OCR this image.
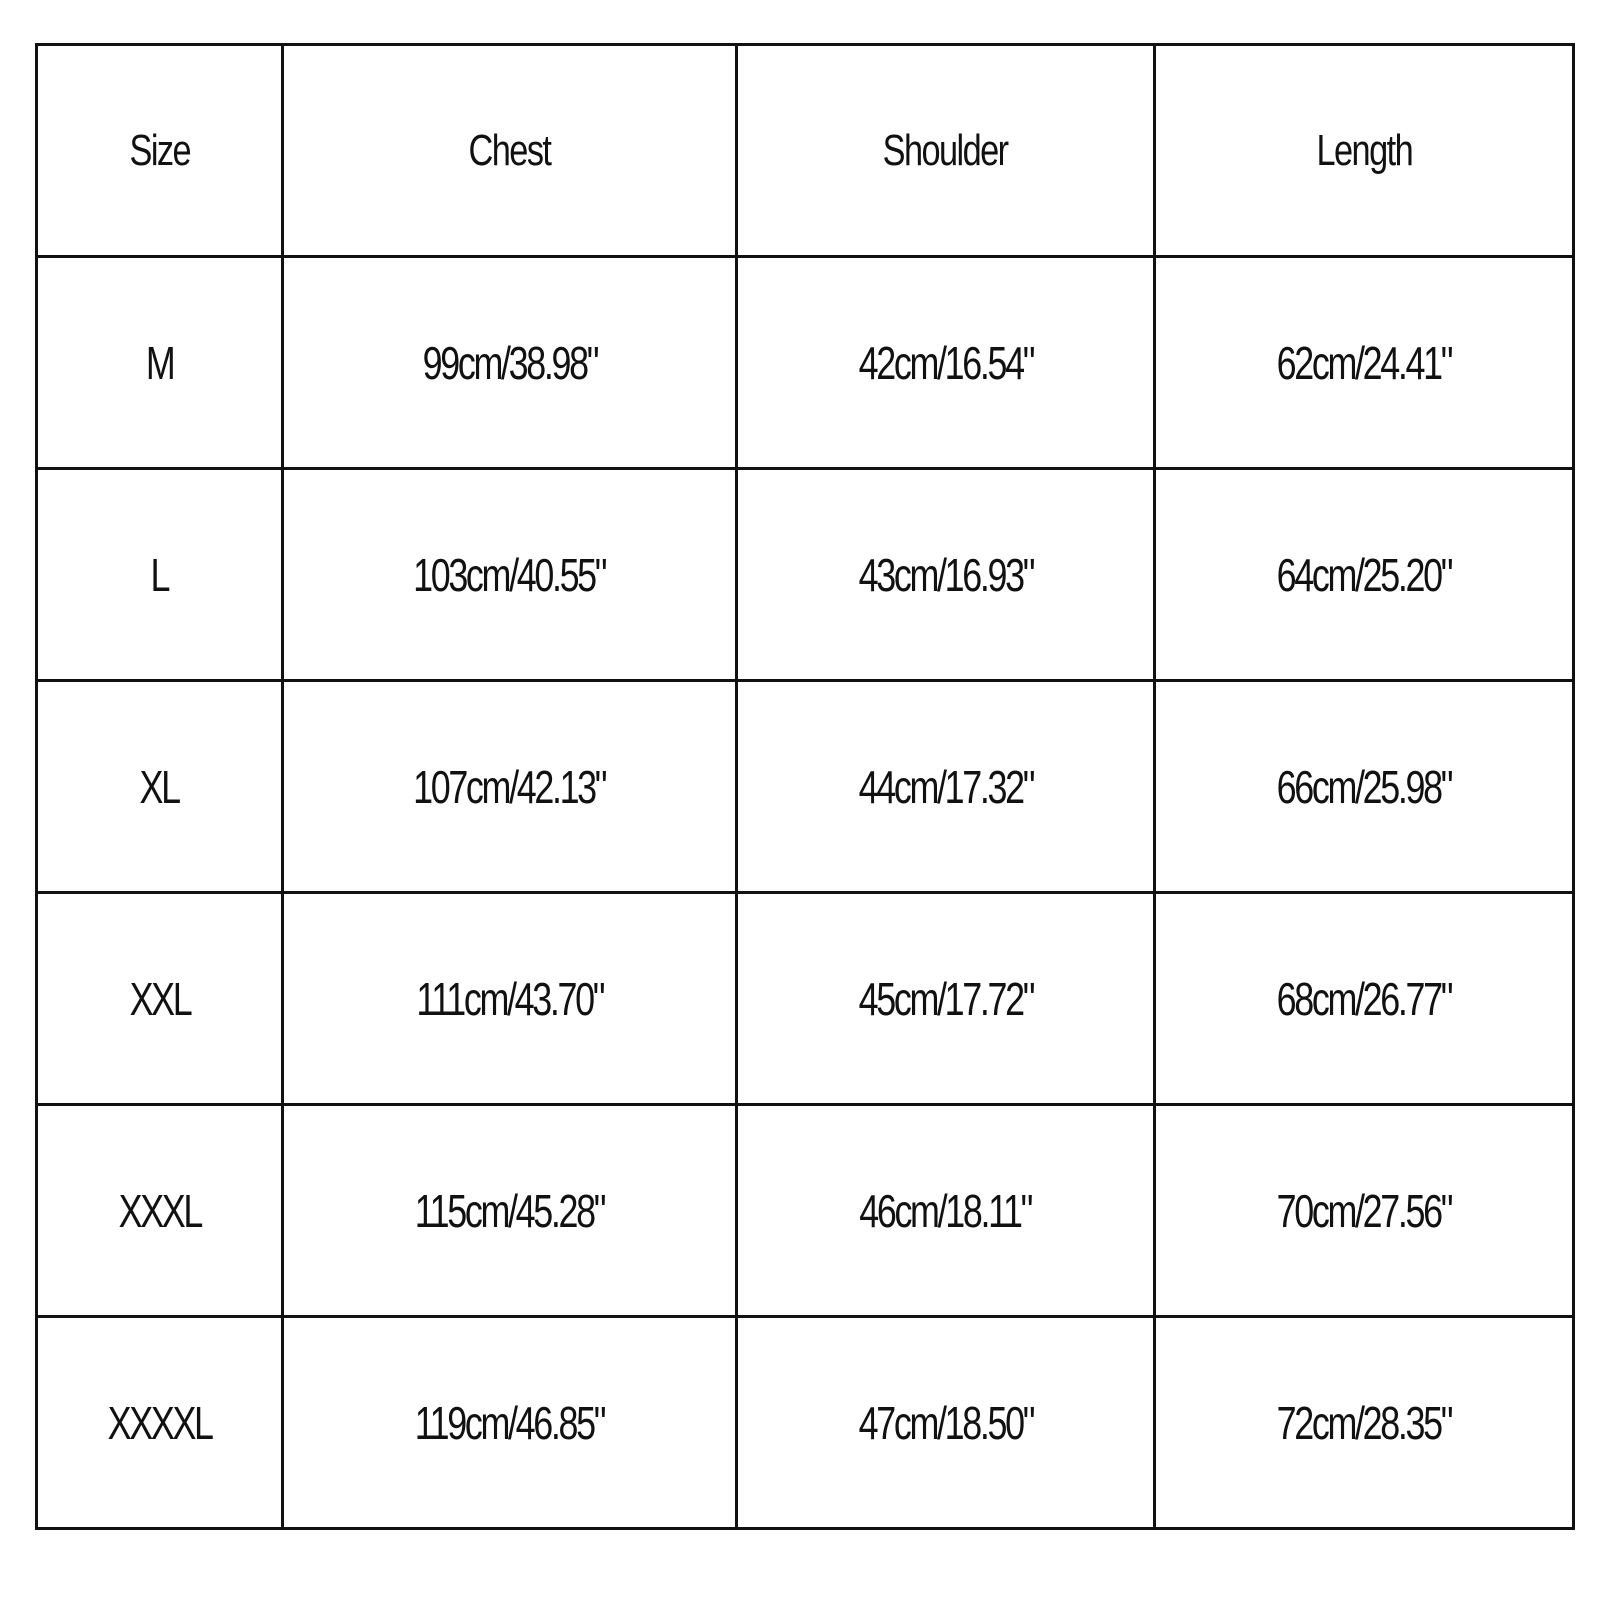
Size	Chest	Shoulder	Length
M	99cm/38.98"	42cm/16.54"	62cm/24.41"
L	103cm/40.55"	43cm/16.93"	64cm/25.20"
XL	107cm/42.13"	44cm/17.32"	66cm/25.98"
XXL	111cm/43.70"	45cm/17.72"	68cm/26.77"
XXXL	115cm/45.28"	46cm/18.11"	70cm/27.56"
XXXXL	119cm/46.85"	47cm/18.50"	72cm/28.35"
